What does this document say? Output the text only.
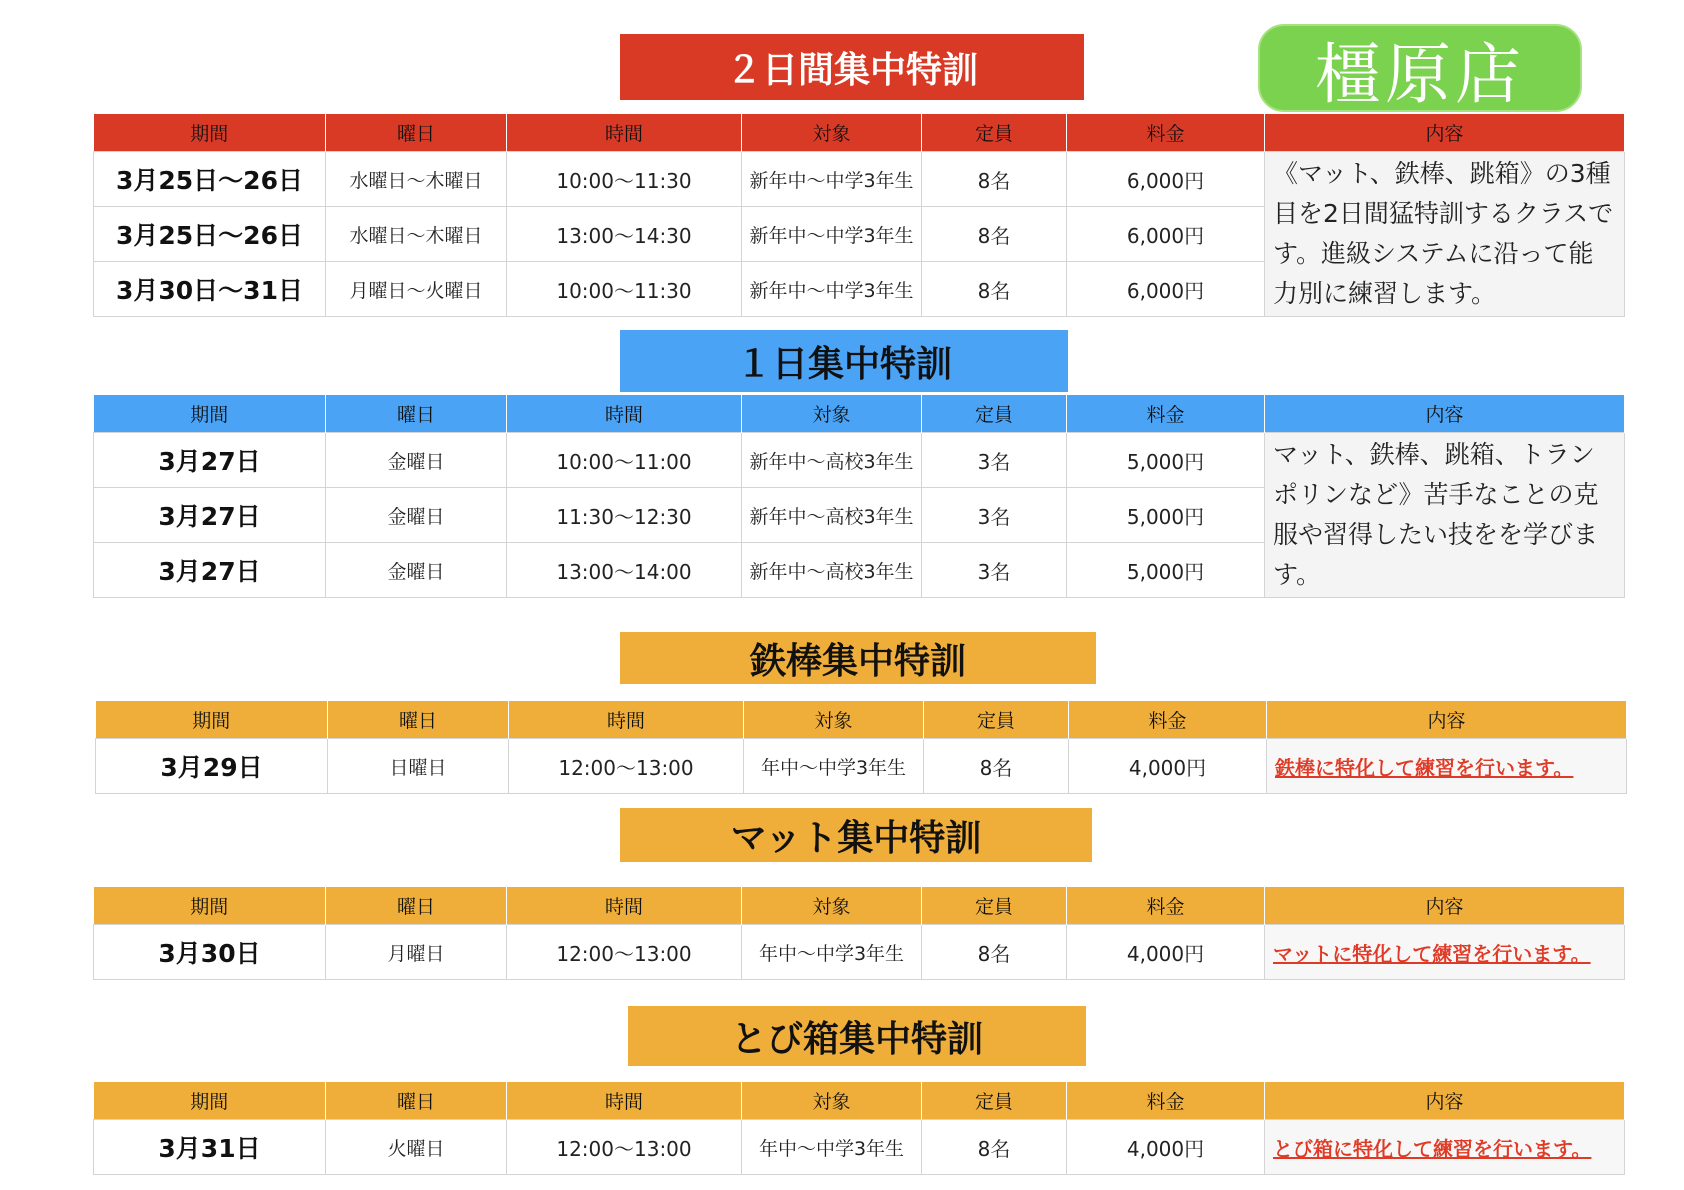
橿原店
２日間集中特訓
期間	曜日	時間	対象	定員	料金	内容
3月25日〜26日	水曜日〜木曜日	10:00〜11:30	新年中〜中学3年生	8名	6,000円	《マット、鉄棒、跳箱》の3種目を2日間猛特訓するクラスです。進級システムに沿って能力別に練習します。
3月25日〜26日	水曜日〜木曜日	13:00〜14:30	新年中〜中学3年生	8名	6,000円	
3月30日〜31日	月曜日〜火曜日	10:00〜11:30	新年中〜中学3年生	8名	6,000円	
１日集中特訓
期間	曜日	時間	対象	定員	料金	内容
3月27日	金曜日	10:00〜11:00	新年中〜高校3年生	3名	5,000円	マット、鉄棒、跳箱、トランポリンなど》苦手なことの克服や習得したい技をを学びます。
3月27日	金曜日	11:30〜12:30	新年中〜高校3年生	3名	5,000円	
3月27日	金曜日	13:00〜14:00	新年中〜高校3年生	3名	5,000円	
鉄棒集中特訓
期間	曜日	時間	対象	定員	料金	内容
3月29日	日曜日	12:00〜13:00	年中〜中学3年生	8名	4,000円	鉄棒に特化して練習を行います。
マット集中特訓
期間	曜日	時間	対象	定員	料金	内容
3月30日	月曜日	12:00〜13:00	年中〜中学3年生	8名	4,000円	マットに特化して練習を行います。
とび箱集中特訓
期間	曜日	時間	対象	定員	料金	内容
3月31日	火曜日	12:00〜13:00	年中〜中学3年生	8名	4,000円	とび箱に特化して練習を行います。
